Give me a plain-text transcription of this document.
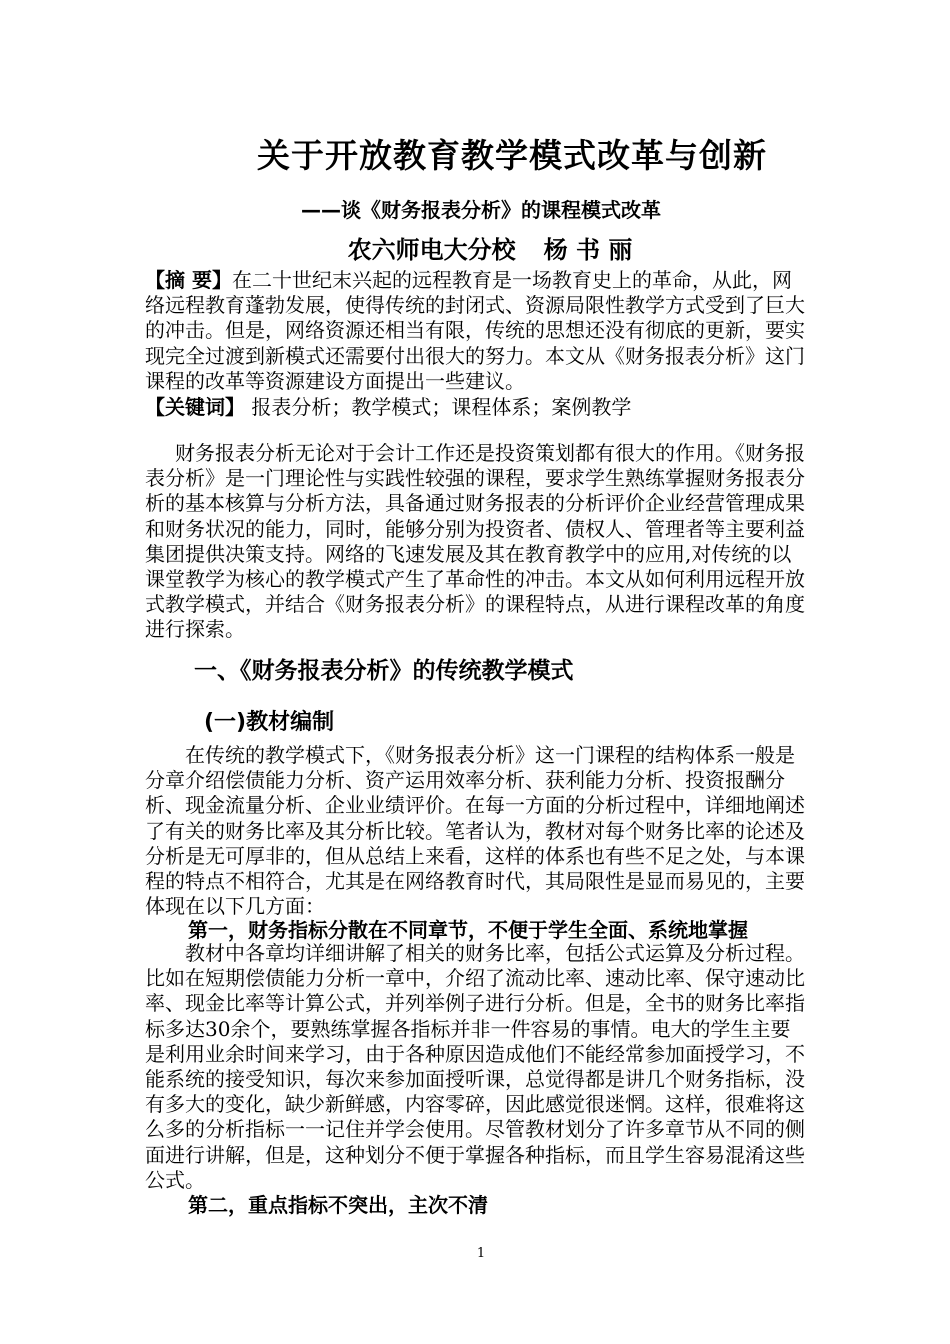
关于开放教育教学模式改革与创新
——谈《财务报表分析》的课程模式改革
农六师电大分校 杨 书 丽
【摘 要】在二十世纪末兴起的远程教育是一场教育史上的革命，从此，网络远程教育蓬勃发展，使得传统的封闭式、资源局限性教学方式受到了巨大的冲击。但是，网络资源还相当有限，传统的思想还没有彻底的更新，要实现完全过渡到新模式还需要付出很大的努力。本文从《财务报表分析》这门课程的改革等资源建设方面提出一些建议。
【关键词】 报表分析；教学模式；课程体系；案例教学
财务报表分析无论对于会计工作还是投资策划都有很大的作用。《财务报表分析》是一门理论性与实践性较强的课程，要求学生熟练掌握财务报表分析的基本核算与分析方法，具备通过财务报表的分析评价企业经营管理成果和财务状况的能力，同时，能够分别为投资者、债权人、管理者等主要利益集团提供决策支持。网络的飞速发展及其在教育教学中的应用,对传统的以课堂教学为核心的教学模式产生了革命性的冲击。本文从如何利用远程开放式教学模式，并结合《财务报表分析》的课程特点，从进行课程改革的角度进行探索。
一、《财务报表分析》的传统教学模式
(一)教材编制
在传统的教学模式下，《财务报表分析》这一门课程的结构体系一般是分章介绍偿债能力分析、资产运用效率分析、获利能力分析、投资报酬分析、现金流量分析、企业业绩评价。在每一方面的分析过程中，详细地阐述了有关的财务比率及其分析比较。笔者认为，教材对每个财务比率的论述及分析是无可厚非的，但从总结上来看，这样的体系也有些不足之处，与本课程的特点不相符合，尤其是在网络教育时代，其局限性是显而易见的，主要体现在以下几方面：
第一，财务指标分散在不同章节，不便于学生全面、系统地掌握
教材中各章均详细讲解了相关的财务比率，包括公式运算及分析过程。比如在短期偿债能力分析一章中，介绍了流动比率、速动比率、保守速动比率、现金比率等计算公式，并列举例子进行分析。但是，全书的财务比率指标多达30余个，要熟练掌握各指标并非一件容易的事情。电大的学生主要是利用业余时间来学习，由于各种原因造成他们不能经常参加面授学习，不能系统的接受知识，每次来参加面授听课，总觉得都是讲几个财务指标，没有多大的变化，缺少新鲜感，内容零碎，因此感觉很迷惘。这样，很难将这么多的分析指标一一记住并学会使用。尽管教材划分了许多章节从不同的侧面进行讲解，但是，这种划分不便于掌握各种指标，而且学生容易混淆这些公式。
第二，重点指标不突出，主次不清
1
